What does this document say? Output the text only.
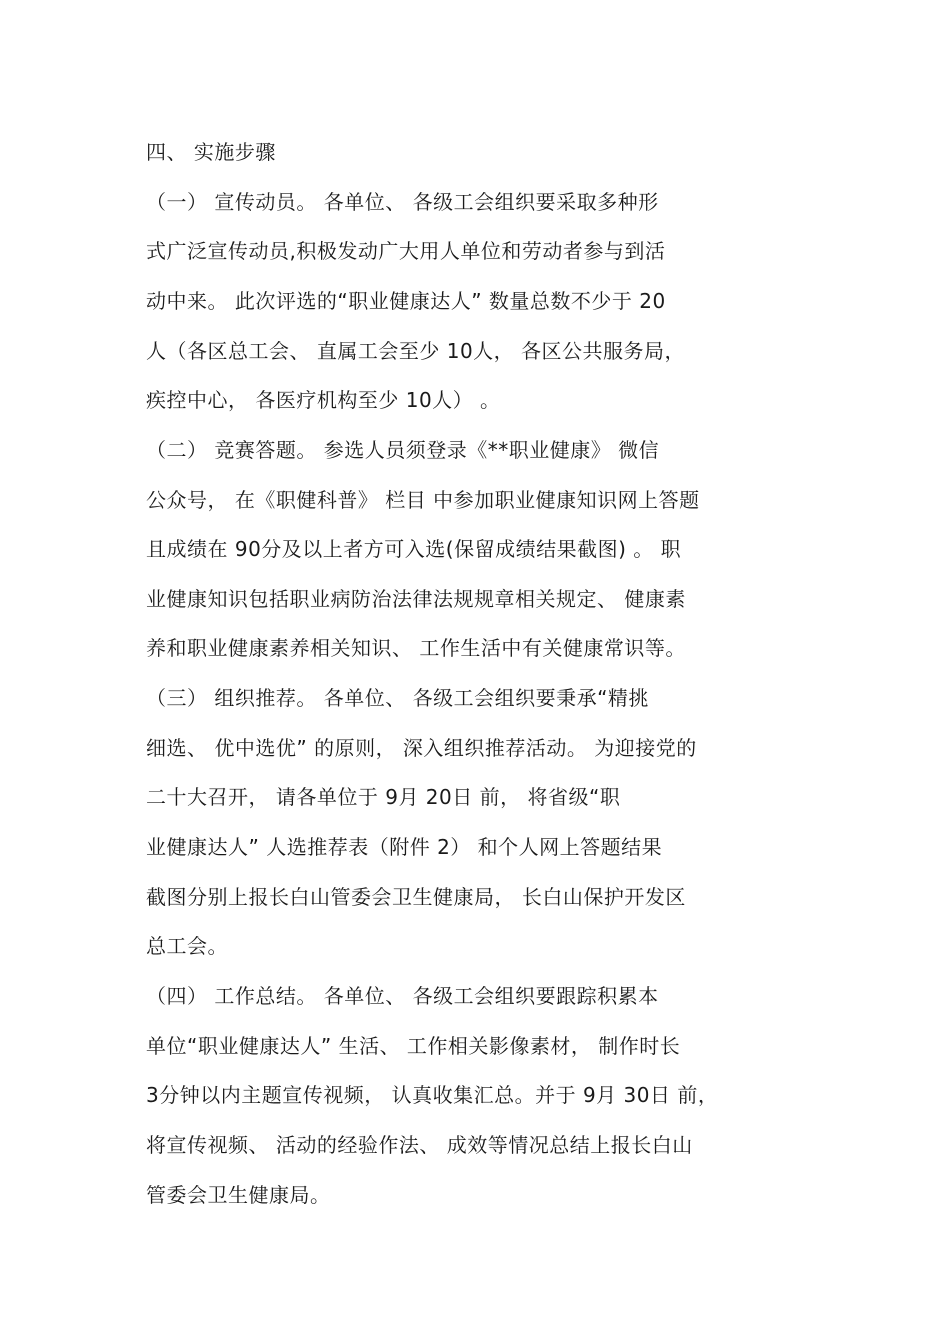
四、 实施步骤
（一） 宣传动员。 各单位、 各级工会组织要采取多种形
式广泛宣传动员,积极发动广大用人单位和劳动者参与到活
动中来。 此次评选的“职业健康达人” 数量总数不少于 20
人（各区总工会、 直属工会至少 10人， 各区公共服务局，
疾控中心， 各医疗机构至少 10人） 。
（二） 竞赛答题。 参选人员须登录《**职业健康》 微信
公众号， 在《职健科普》 栏目 中参加职业健康知识网上答题
且成绩在 90分及以上者方可入选(保留成绩结果截图) 。 职
业健康知识包括职业病防治法律法规规章相关规定、 健康素
养和职业健康素养相关知识、 工作生活中有关健康常识等。
（三） 组织推荐。 各单位、 各级工会组织要秉承“精挑
细选、 优中选优” 的原则， 深入组织推荐活动。 为迎接党的
二十大召开， 请各单位于 9月 20日 前， 将省级“职
业健康达人” 人选推荐表（附件 2） 和个人网上答题结果
截图分别上报长白山管委会卫生健康局， 长白山保护开发区
总工会。
（四） 工作总结。 各单位、 各级工会组织要跟踪积累本
单位“职业健康达人” 生活、 工作相关影像素材， 制作时长
3分钟以内主题宣传视频， 认真收集汇总。并于 9月 30日 前，
将宣传视频、 活动的经验作法、 成效等情况总结上报长白山
管委会卫生健康局。
